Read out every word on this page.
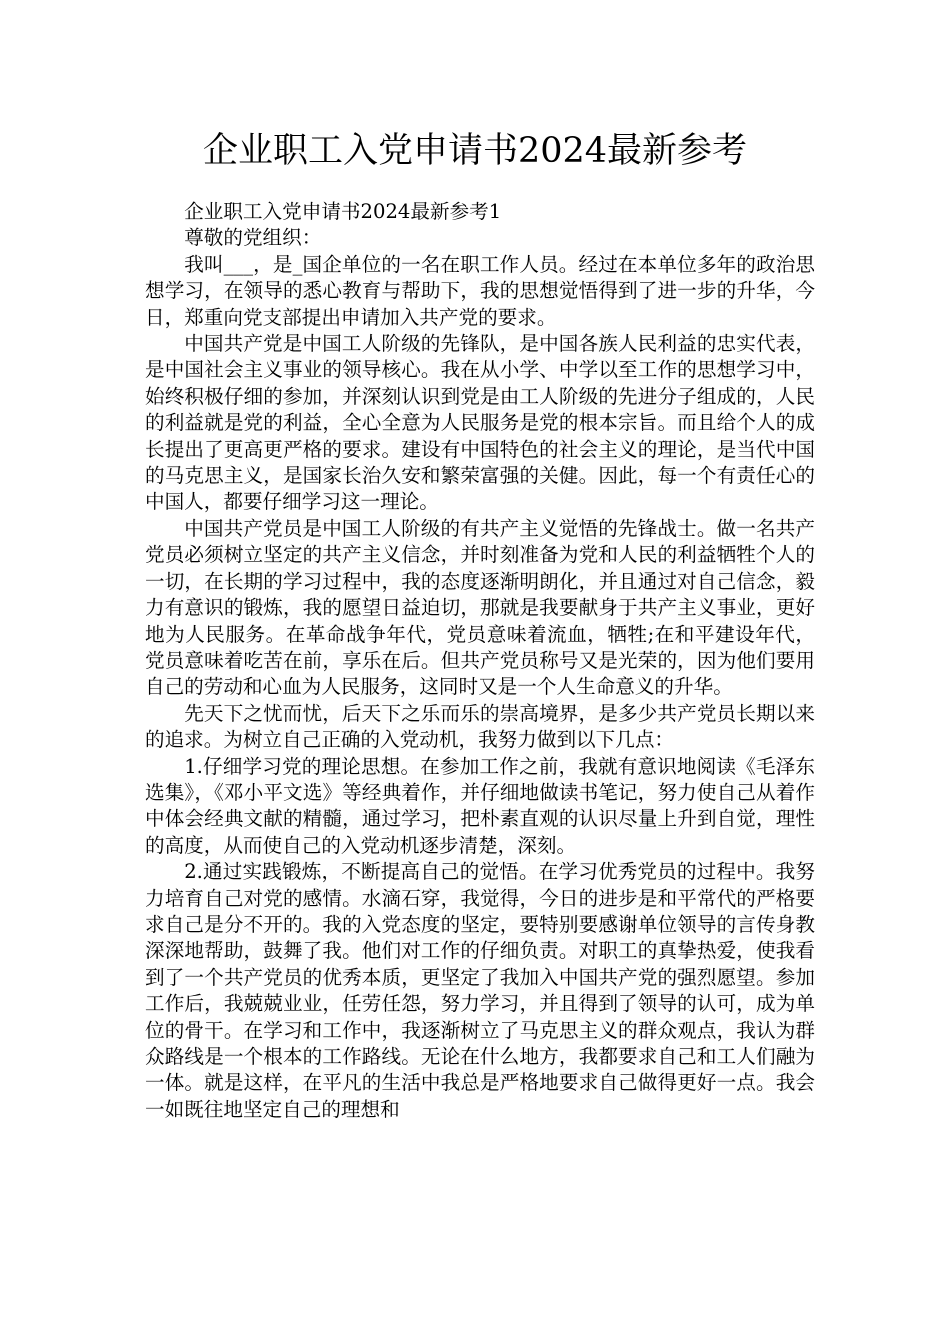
企业职工入党申请书2024最新参考

企业职工入党申请书2024最新参考1

尊敬的党组织：

我叫___，是_国企单位的一名在职工作人员。经过在本单位多年的政治思想学习，在领导的悉心教育与帮助下，我的思想觉悟得到了进一步的升华，今日，郑重向党支部提出申请加入共产党的要求。

中国共产党是中国工人阶级的先锋队，是中国各族人民利益的忠实代表，是中国社会主义事业的领导核心。我在从小学、中学以至工作的思想学习中，始终积极仔细的参加，并深刻认识到党是由工人阶级的先进分子组成的，人民的利益就是党的利益，全心全意为人民服务是党的根本宗旨。而且给个人的成长提出了更高更严格的要求。建设有中国特色的社会主义的理论，是当代中国的马克思主义，是国家长治久安和繁荣富强的关健。因此，每一个有责任心的中国人，都要仔细学习这一理论。

中国共产党员是中国工人阶级的有共产主义觉悟的先锋战士。做一名共产党员必须树立坚定的共产主义信念，并时刻准备为党和人民的利益牺牲个人的一切，在长期的学习过程中，我的态度逐渐明朗化，并且通过对自己信念，毅力有意识的锻炼，我的愿望日益迫切，那就是我要献身于共产主义事业，更好地为人民服务。在革命战争年代，党员意味着流血，牺牲;在和平建设年代，党员意味着吃苦在前，享乐在后。但共产党员称号又是光荣的，因为他们要用自己的劳动和心血为人民服务，这同时又是一个人生命意义的升华。

先天下之忧而忧，后天下之乐而乐的崇高境界，是多少共产党员长期以来的追求。为树立自己正确的入党动机，我努力做到以下几点：

1.仔细学习党的理论思想。在参加工作之前，我就有意识地阅读《毛泽东选集》，《邓小平文选》等经典着作，并仔细地做读书笔记，努力使自己从着作中体会经典文献的精髓，通过学习，把朴素直观的认识尽量上升到自觉，理性的高度，从而使自己的入党动机逐步清楚，深刻。

2.通过实践锻炼，不断提高自己的觉悟。在学习优秀党员的过程中。我努力培育自己对党的感情。水滴石穿，我觉得，今日的进步是和平常代的严格要求自己是分不开的。我的入党态度的坚定，要特别要感谢单位领导的言传身教深深地帮助，鼓舞了我。他们对工作的仔细负责。对职工的真挚热爱，使我看到了一个共产党员的优秀本质，更坚定了我加入中国共产党的强烈愿望。参加工作后，我兢兢业业，任劳任怨，努力学习，并且得到了领导的认可，成为单位的骨干。在学习和工作中，我逐渐树立了马克思主义的群众观点，我认为群众路线是一个根本的工作路线。无论在什么地方，我都要求自己和工人们融为一体。就是这样，在平凡的生活中我总是严格地要求自己做得更好一点。我会一如既往地坚定自己的理想和
